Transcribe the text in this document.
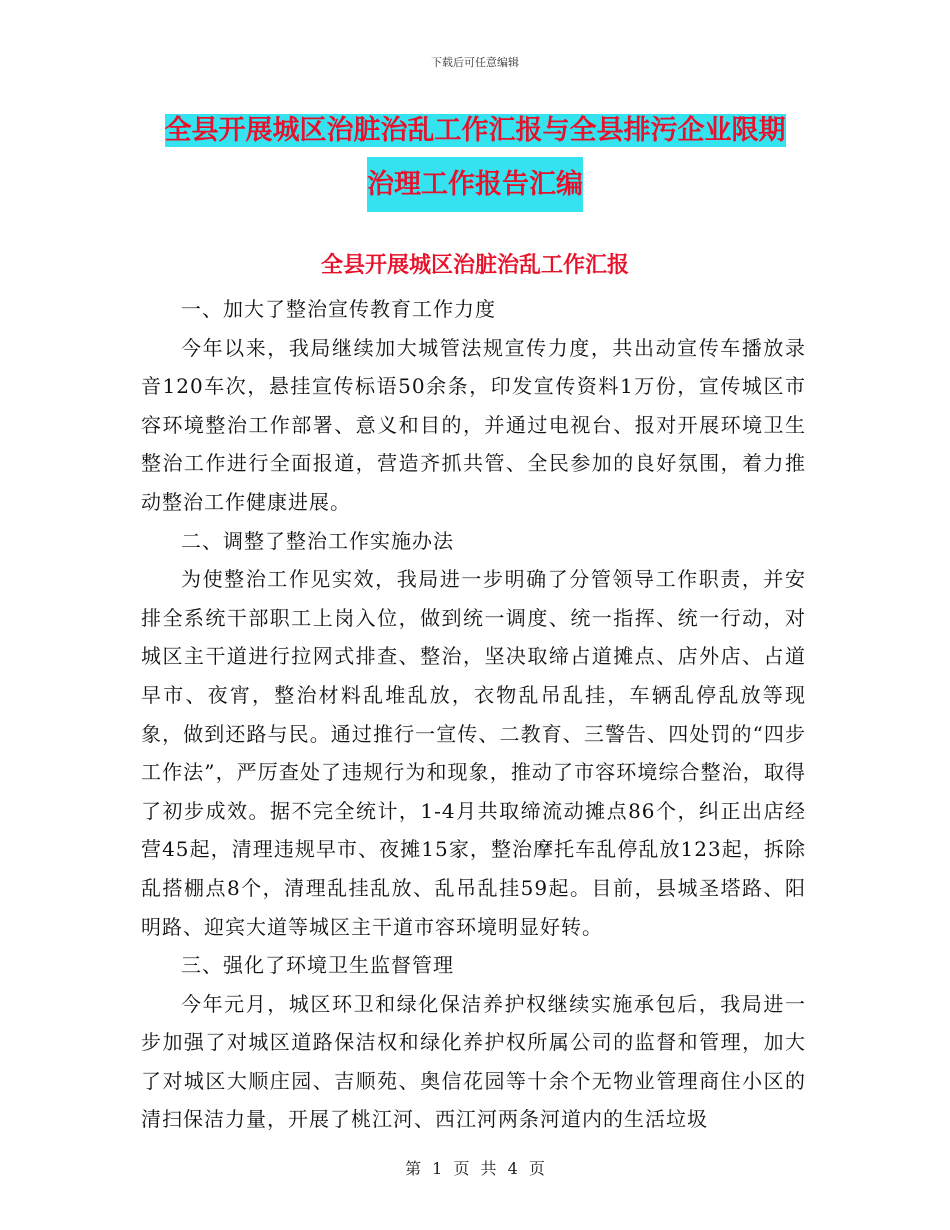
下载后可任意编辑
全县开展城区治脏治乱工作汇报与全县排污企业限期
治理工作报告汇编
全县开展城区治脏治乱工作汇报

一、加大了整治宣传教育工作力度

今年以来，我局继续加大城管法规宣传力度，共出动宣传车播放录音120车次，悬挂宣传标语50余条，印发宣传资料1万份，宣传城区市容环境整治工作部署、意义和目的，并通过电视台、报对开展环境卫生整治工作进行全面报道，营造齐抓共管、全民参加的良好氛围，着力推动整治工作健康进展。

二、调整了整治工作实施办法

为使整治工作见实效，我局进一步明确了分管领导工作职责，并安排全系统干部职工上岗入位，做到统一调度、统一指挥、统一行动，对城区主干道进行拉网式排查、整治，坚决取缔占道摊点、店外店、占道早市、夜宵，整治材料乱堆乱放，衣物乱吊乱挂，车辆乱停乱放等现象，做到还路与民。通过推行一宣传、二教育、三警告、四处罚的“四步工作法”，严厉查处了违规行为和现象，推动了市容环境综合整治，取得了初步成效。据不完全统计，1-4月共取缔流动摊点86个，纠正出店经营45起，清理违规早市、夜摊15家，整治摩托车乱停乱放123起，拆除乱搭棚点8个，清理乱挂乱放、乱吊乱挂59起。目前，县城圣塔路、阳明路、迎宾大道等城区主干道市容环境明显好转。

三、强化了环境卫生监督管理

今年元月，城区环卫和绿化保洁养护权继续实施承包后，我局进一步加强了对城区道路保洁权和绿化养护权所属公司的监督和管理，加大了对城区大顺庄园、吉顺苑、奥信花园等十余个无物业管理商住小区的清扫保洁力量，开展了桃江河、西江河两条河道内的生活垃圾

第 1 页 共 4 页
